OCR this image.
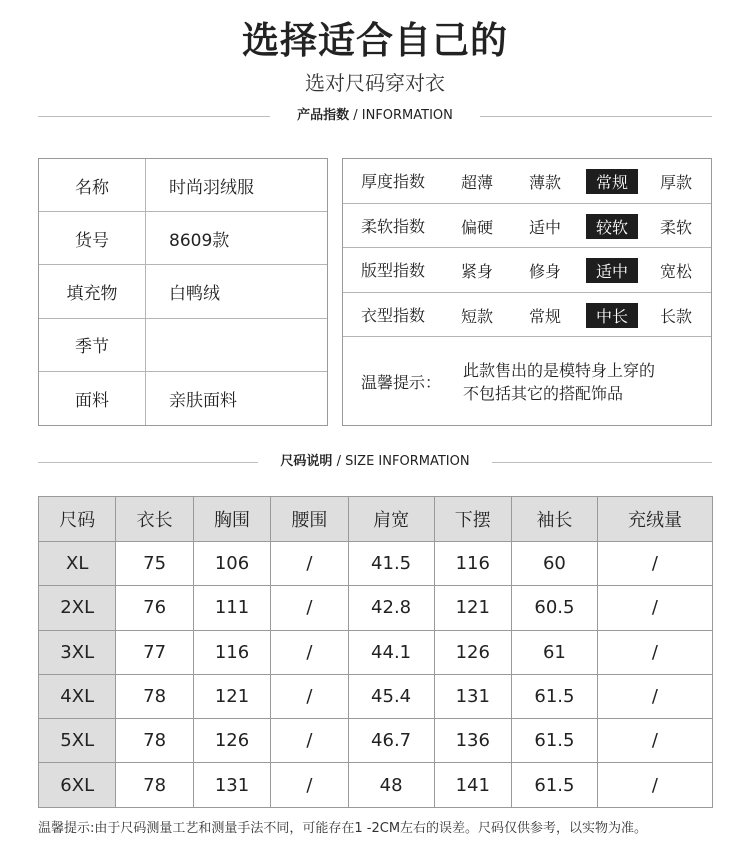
选择适合自己的
选对尺码穿对衣
产品指数 / INFORMATION
名称	时尚羽绒服
货号	8609款
填充物	白鸭绒
季节
面料	亲肤面料
厚度指数	超薄	薄款	常规	厚款
柔软指数	偏硬	适中	较软	柔软
版型指数	紧身	修身	适中	宽松
衣型指数	短款	常规	中长	长款
温馨提示：
此款售出的是模特身上穿的
不包括其它的搭配饰品
尺码说明 / SIZE INFORMATION
尺码	衣长	胸围	腰围	肩宽	下摆	袖长	充绒量
XL	75	106	/	41.5	116	60	/
2XL	76	111	/	42.8	121	60.5	/
3XL	77	116	/	44.1	126	61	/
4XL	78	121	/	45.4	131	61.5	/
5XL	78	126	/	46.7	136	61.5	/
6XL	78	131	/	48	141	61.5	/
温馨提示:由于尺码测量工艺和测量手法不同，可能存在1 -2CM左右的误差。尺码仅供参考，以实物为准。
